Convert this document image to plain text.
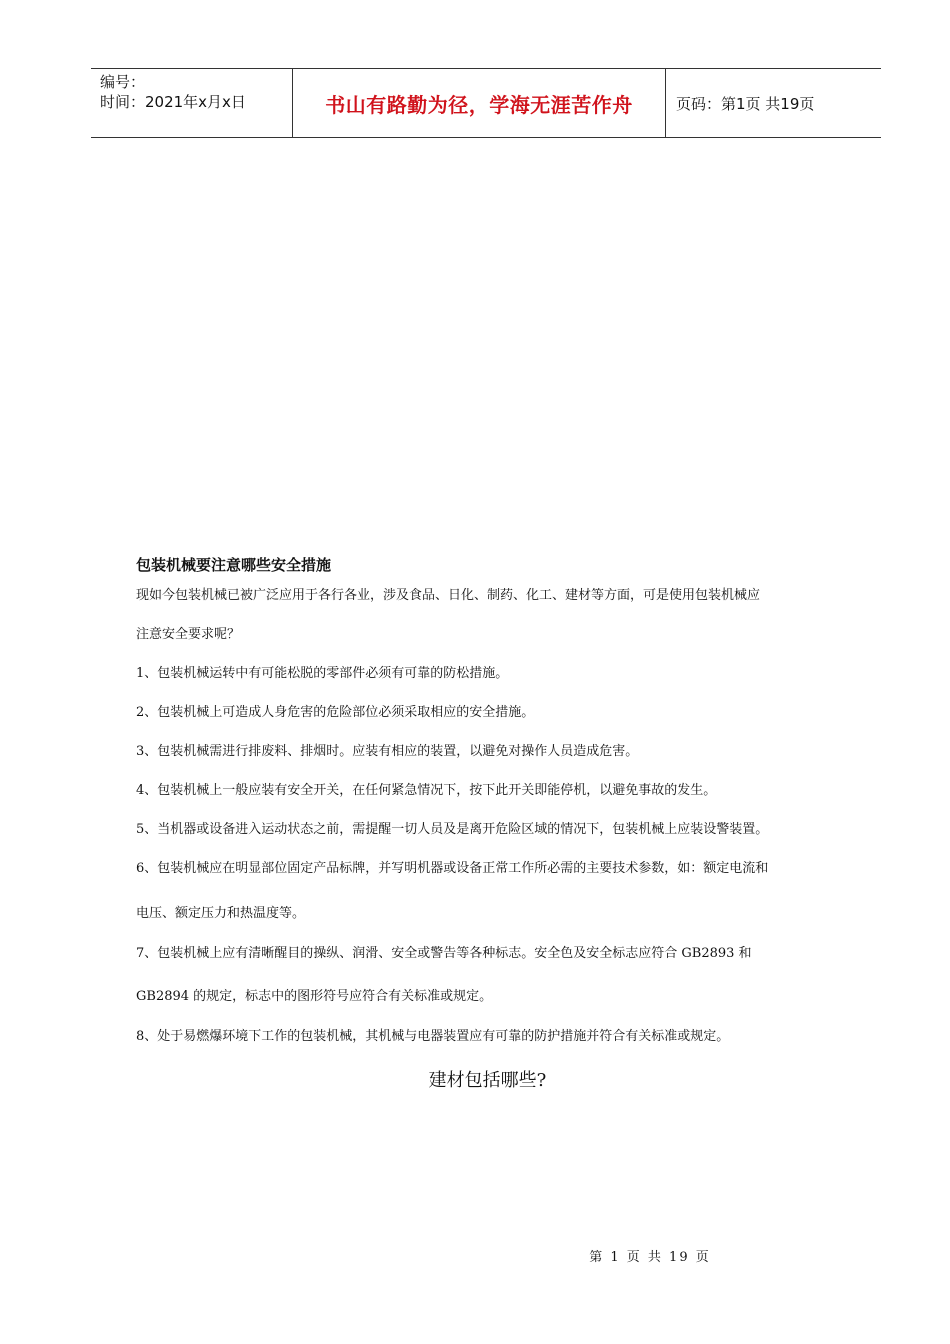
编号：
时间：2021年x月x日	书山有路勤为径，学海无涯苦作舟	页码：第1页 共19页
包装机械要注意哪些安全措施

现如今包装机械已被广泛应用于各行各业，涉及食品、日化、制药、化工、建材等方面，可是使用包装机械应

注意安全要求呢？

1、包装机械运转中有可能松脱的零部件必须有可靠的防松措施。

2、包装机械上可造成人身危害的危险部位必须采取相应的安全措施。

3、包装机械需进行排废料、排烟时。应装有相应的装置，以避免对操作人员造成危害。

4、包装机械上一般应装有安全开关，在任何紧急情况下，按下此开关即能停机，以避免事故的发生。

5、当机器或设备进入运动状态之前，需提醒一切人员及是离开危险区域的情况下，包装机械上应装设警装置。

6、包装机械应在明显部位固定产品标牌，并写明机器或设备正常工作所必需的主要技术参数，如：额定电流和

电压、额定压力和热温度等。

7、包装机械上应有清晰醒目的操纵、润滑、安全或警告等各种标志。安全色及安全标志应符合 GB2893 和

GB2894 的规定，标志中的图形符号应符合有关标准或规定。

8、处于易燃爆环境下工作的包装机械，其机械与电器装置应有可靠的防护措施并符合有关标准或规定。

建材包括哪些?
第 1 页 共 19 页
